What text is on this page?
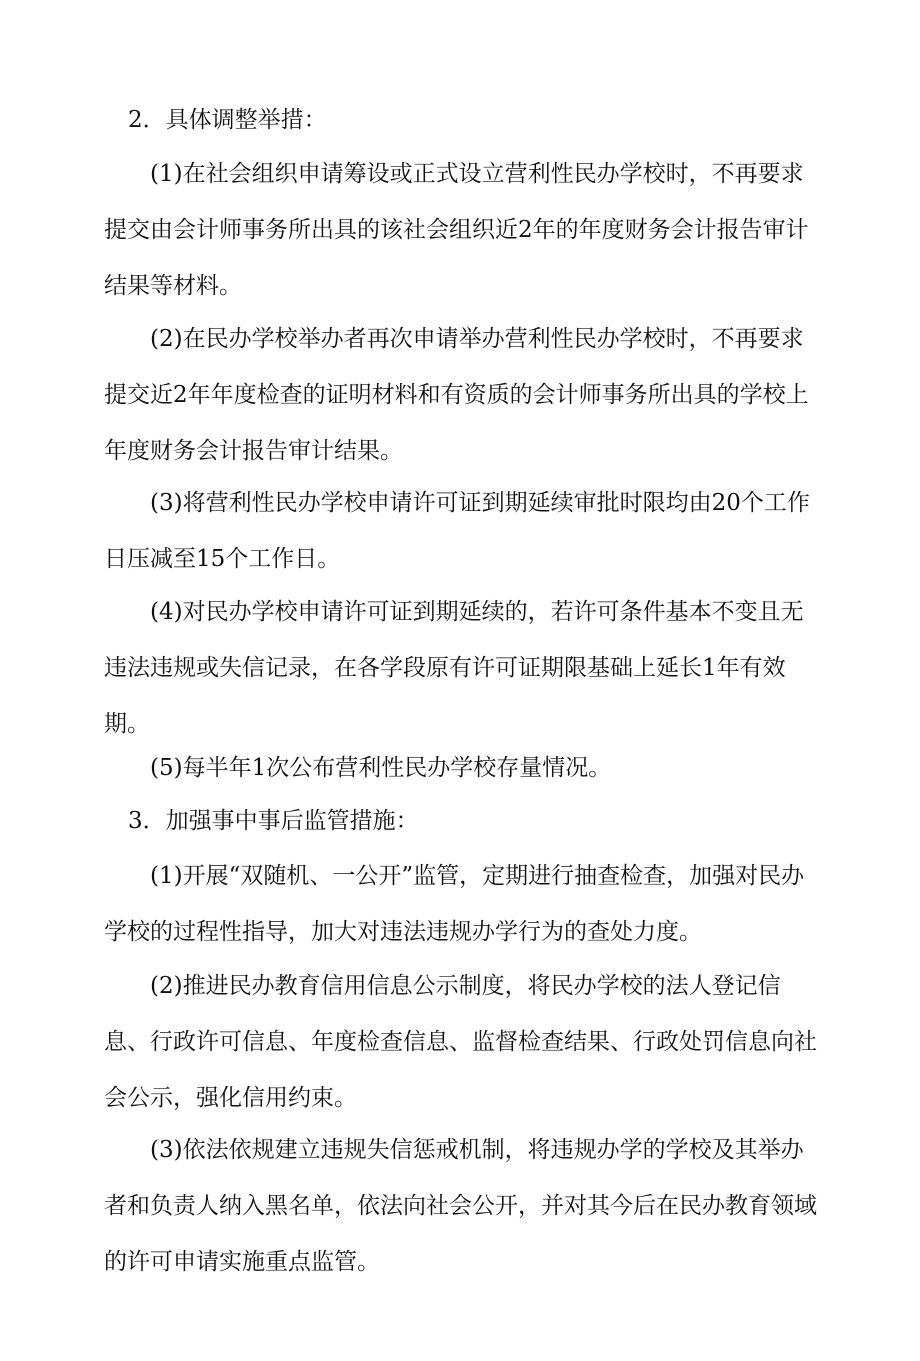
2．具体调整举措：

(1)在社会组织申请筹设或正式设立营利性民办学校时，不再要求提交由会计师事务所出具的该社会组织近2年的年度财务会计报告审计结果等材料。

(2)在民办学校举办者再次申请举办营利性民办学校时，不再要求提交近2年年度检查的证明材料和有资质的会计师事务所出具的学校上年度财务会计报告审计结果。

(3)将营利性民办学校申请许可证到期延续审批时限均由20个工作日压减至15个工作日。

(4)对民办学校申请许可证到期延续的，若许可条件基本不变且无违法违规或失信记录，在各学段原有许可证期限基础上延长1年有效期。

(5)每半年1次公布营利性民办学校存量情况。

3．加强事中事后监管措施：

(1)开展“双随机、一公开”监管，定期进行抽查检查，加强对民办学校的过程性指导，加大对违法违规办学行为的查处力度。

(2)推进民办教育信用信息公示制度，将民办学校的法人登记信息、行政许可信息、年度检查信息、监督检查结果、行政处罚信息向社会公示，强化信用约束。

(3)依法依规建立违规失信惩戒机制，将违规办学的学校及其举办者和负责人纳入黑名单，依法向社会公开，并对其今后在民办教育领域的许可申请实施重点监管。
